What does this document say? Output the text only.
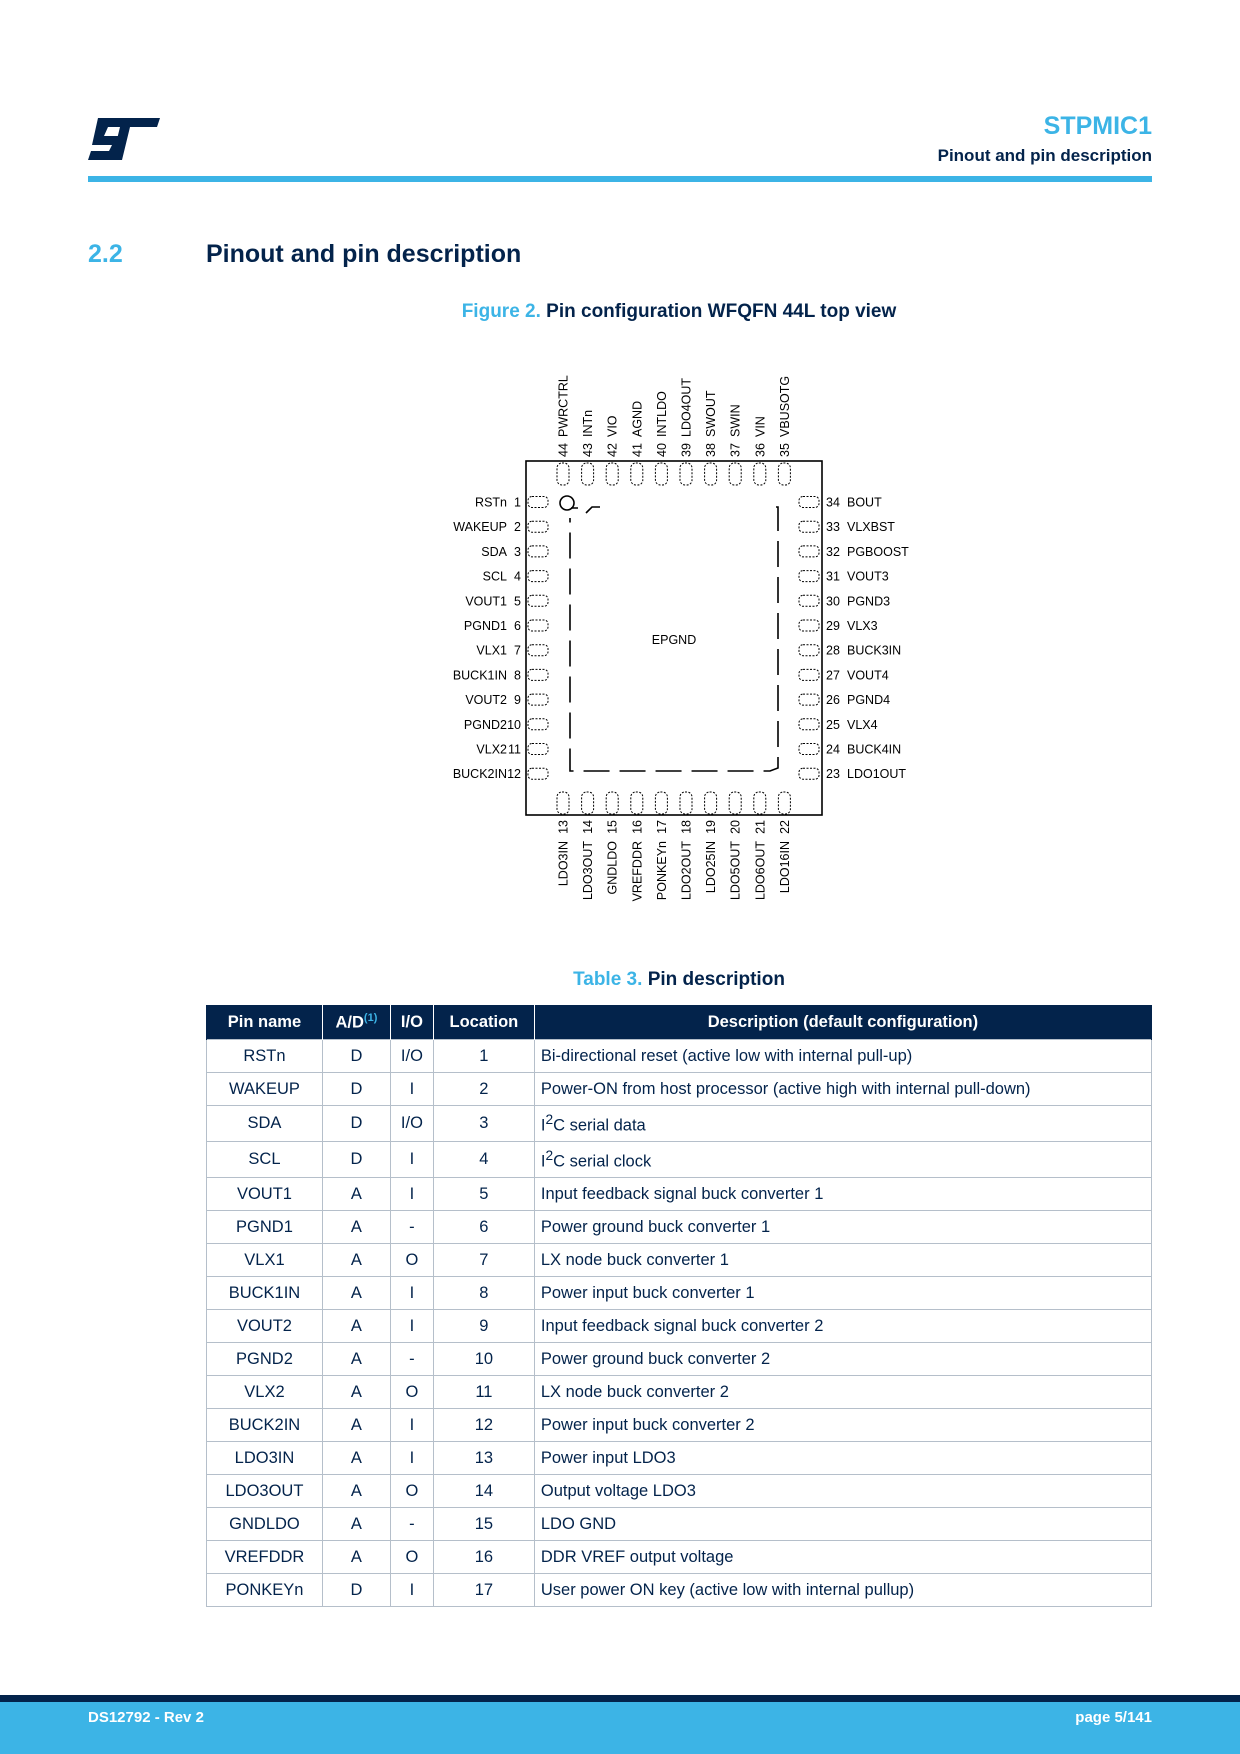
STPMIC1
Pinout and pin description
2.2	Pinout and pin description
Figure 2. Pin configuration WFQFN 44L top view
EPGND
1
RSTn
2
WAKEUP
3
SDA
4
SCL
5
VOUT1
6
PGND1
7
VLX1
8
BUCK1IN
9
VOUT2
10
PGND2
11
VLX2
12
BUCK2IN
34 BOUT
33 VLXBST
32 PGBOOST
31 VOUT3
30 PGND3
29 VLX3
28 BUCK3IN
27 VOUT4
26 PGND4
25 VLX4
24 BUCK4IN
23 LDO1OUT
44
PWRCTRL
43
INTn
42
VIO
41
AGND
40
INTLDO
39
LDO4OUT
38
SWOUT
37
SWIN
36
VIN
35
VBUSOTG
13
LDO3IN
14
LDO3OUT
15
GNDLDO
16
VREFDDR
17
PONKEYn
18
LDO2OUT
19
LDO25IN
20
LDO5OUT
21
LDO6OUT
22
LDO16IN
Table 3. Pin description
Pin name	$A/D^{(1)}$	I/O	Location	Description (default configuration)
RSTn	D	I/O	1	Bi-directional reset (active low with internal pull-up)
WAKEUP	D	I	2	Power-ON from host processor (active high with internal pull-down)
SDA	D	I/O	3	$I^2C$ serial data
SCL	D	I	4	$I^2C$ serial clock
VOUT1	A	I	5	Input feedback signal buck converter 1
PGND1	A	-	6	Power ground buck converter 1
VLX1	A	O	7	LX node buck converter 1
BUCK1IN	A	I	8	Power input buck converter 1
VOUT2	A	I	9	Input feedback signal buck converter 2
PGND2	A	-	10	Power ground buck converter 2
VLX2	A	O	11	LX node buck converter 2
BUCK2IN	A	I	12	Power input buck converter 2
LDO3IN	A	I	13	Power input LDO3
LDO3OUT	A	O	14	Output voltage LDO3
GNDLDO	A	-	15	LDO GND
VREFDDR	A	O	16	DDR VREF output voltage
PONKEYn	D	I	17	User power ON key (active low with internal pullup)
DS12792 - Rev 2	page 5/141
